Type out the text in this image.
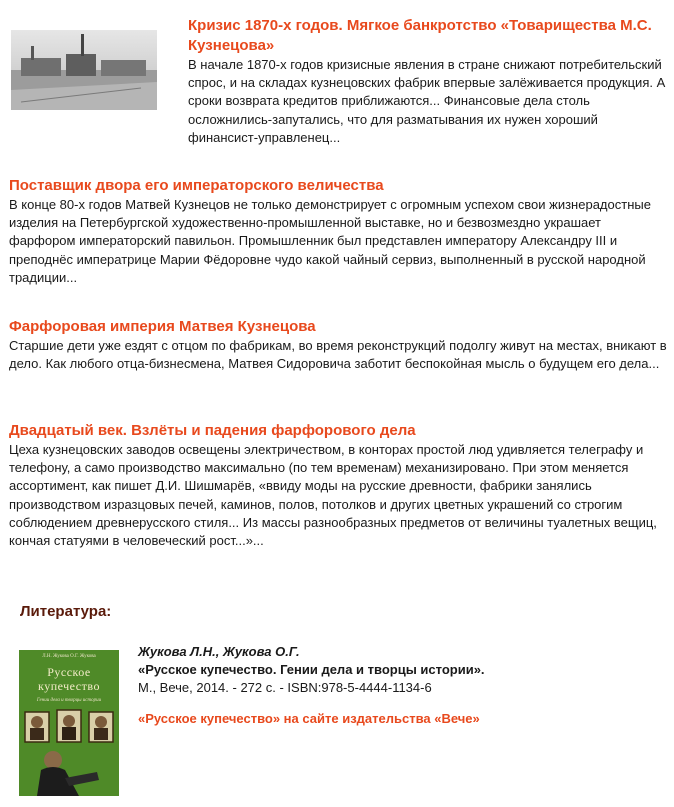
Кризис 1870-х годов. Мягкое банкротство «Товарищества М.С. Кузнецова»

В начале 1870-х годов кризисные явления в стране снижают потребительский спрос, и на складах кузнецовских фабрик впервые залёживается продукция. А сроки возврата кредитов приближаются... Финансовые дела столь осложнились-запутались, что для разматывания их нужен хороший финансист-управленец...

Поставщик двора его императорского величества

В конце 80-х годов Матвей Кузнецов не только демонстрирует с огромным успехом свои жизнерадостные изделия на Петербургской художественно-промышленной выставке, но и безвозмездно украшает фарфором императорский павильон. Промышленник был представлен императору Александру III и преподнёс императрице Марии Фёдоровне чудо какой чайный сервиз, выполненный в русской народной традиции...

Фарфоровая империя Матвея Кузнецова

Старшие дети уже ездят с отцом по фабрикам, во время реконструкций подолгу живут на местах, вникают в дело. Как любого отца-бизнесмена, Матвея Сидоровича заботит беспокойная мысль о будущем его дела...

Двадцатый век. Взлёты и падения фарфорового дела

Цеха кузнецовских заводов освещены электричеством, в конторах простой люд удивляется телеграфу и телефону, а само производство максимально (по тем временам) механизировано. При этом меняется ассортимент, как пишет Д.И. Шишмарёв, «ввиду моды на русские древности, фабрики занялись производством изразцовых печей, каминов, полов, потолков и других цветных украшений со строгим соблюдением древнерусского стиля... Из массы разнообразных предметов от величины туалетных вещиц, кончая статуями в человеческий рост...»...

Литература:
Л.Н. Жукова О.Г. Жукова
Русское
купечество
Гении дела и творцы истории
Жукова Л.Н., Жукова О.Г.
«Русское купечество. Гении дела и творцы истории».
М., Вече, 2014. - 272 с. - ISBN:978-5-4444-1134-6
«Русское купечество» на сайте издательства «Вече»
